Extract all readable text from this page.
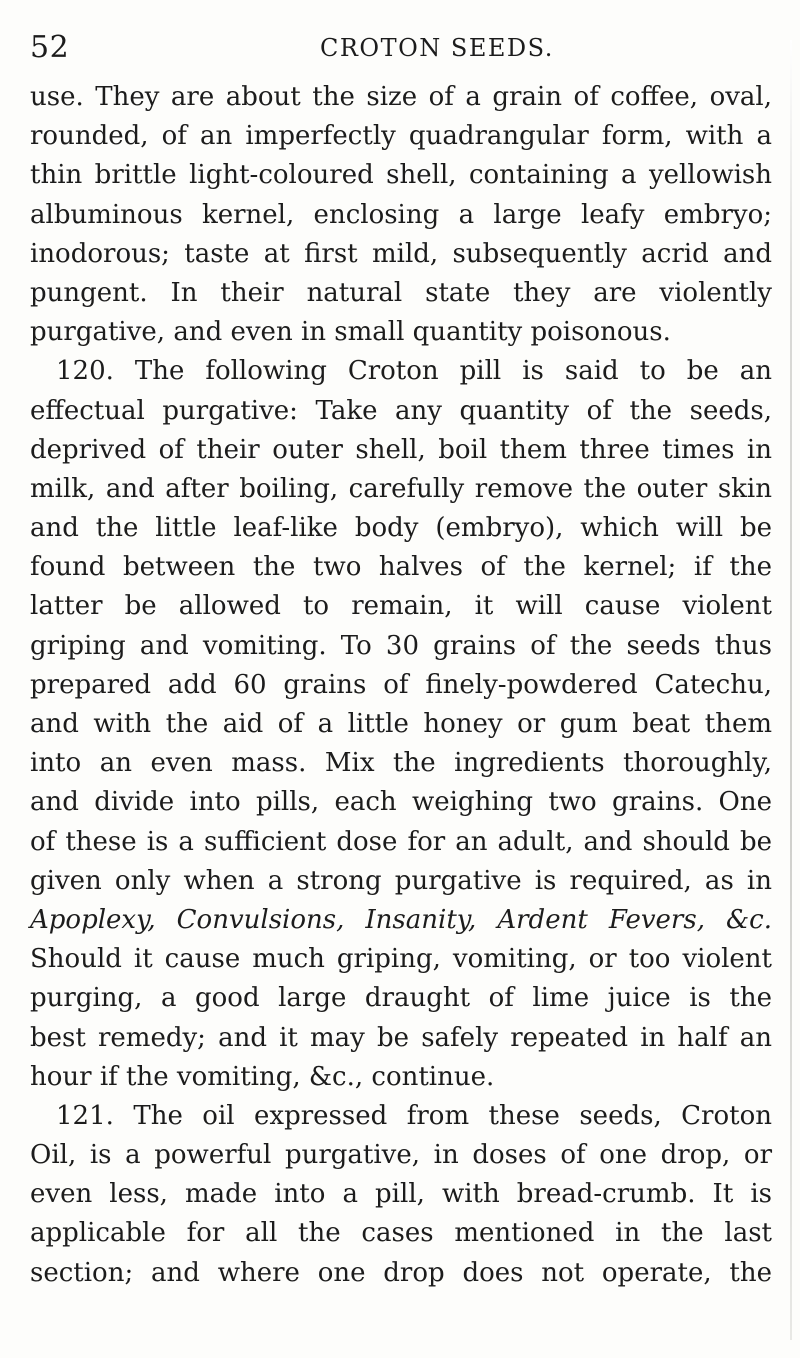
52	CROTON SEEDS.
use. They are about the size of a grain of coffee, oval,
rounded, of an imperfectly quadrangular form, with a
thin brittle light-coloured shell, containing a yellowish
albuminous kernel, enclosing a large leafy embryo;
inodorous; taste at first mild, subsequently acrid and
pungent. In their natural state they are violently
purgative, and even in small quantity poisonous.
120. The following Croton pill is said to be an
effectual purgative: Take any quantity of the seeds,
deprived of their outer shell, boil them three times in
milk, and after boiling, carefully remove the outer skin
and the little leaf-like body (embryo), which will be
found between the two halves of the kernel; if the
latter be allowed to remain, it will cause violent
griping and vomiting. To 30 grains of the seeds thus
prepared add 60 grains of finely-powdered Catechu,
and with the aid of a little honey or gum beat them
into an even mass. Mix the ingredients thoroughly,
and divide into pills, each weighing two grains. One
of these is a sufficient dose for an adult, and should be
given only when a strong purgative is required, as in
Apoplexy, Convulsions, Insanity, Ardent Fevers, &c.
Should it cause much griping, vomiting, or too violent
purging, a good large draught of lime juice is the
best remedy; and it may be safely repeated in half an
hour if the vomiting, &c., continue.
121. The oil expressed from these seeds, Croton
Oil, is a powerful purgative, in doses of one drop, or
even less, made into a pill, with bread-crumb. It is
applicable for all the cases mentioned in the last
section; and where one drop does not operate, the
